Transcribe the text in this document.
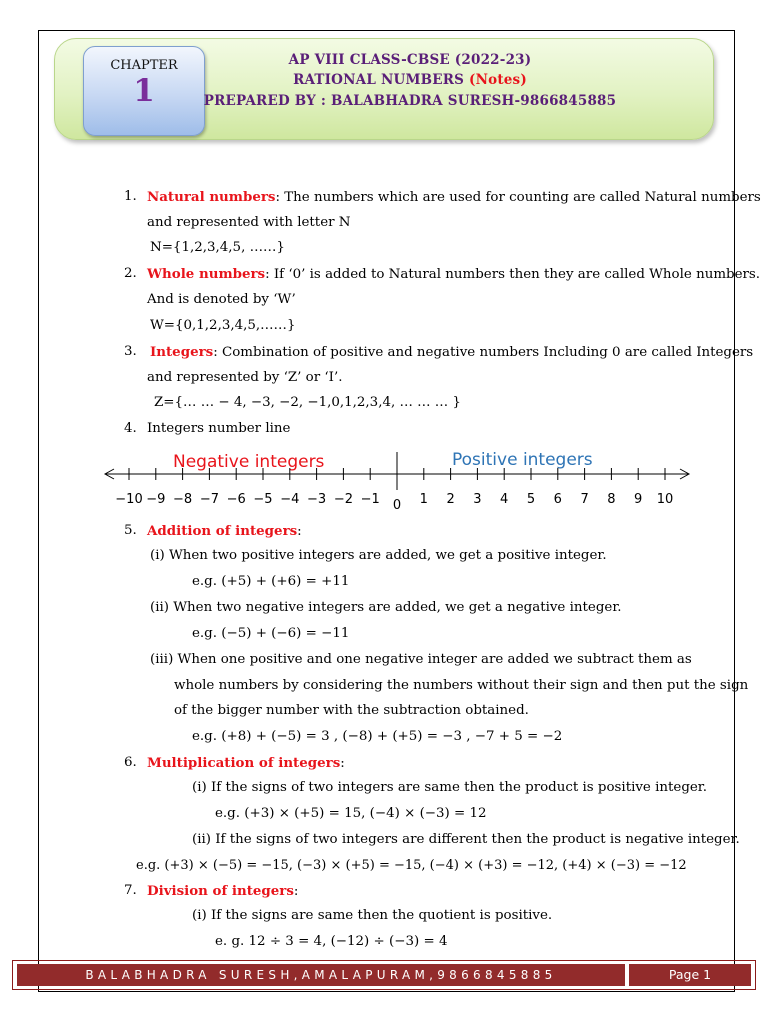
CHAPTER
1
AP VIII CLASS-CBSE (2022-23)
RATIONAL NUMBERS (Notes)
PREPARED BY : BALABHADRA SURESH-9866845885
1. Natural numbers: The numbers which are used for counting are called Natural numbers
and represented with letter N
N={1,2,3,4,5, ……}
2. Whole numbers: If ‘0’ is added to Natural numbers then they are called Whole numbers.
And is denoted by ‘W’
W={0,1,2,3,4,5,……}
3. Integers: Combination of positive and negative numbers Including 0 are called Integers
and represented by ‘Z’ or ‘I’.
Z={… … − 4, −3, −2, −1,0,1,2,3,4, … … … }
4. Integers number line
Negative integers	Positive integers
−10 −9 −8 −7 −6 −5 −4 −3 −2 −1	1 2 3 4 5 6 7 8 9 10
0
5. Addition of integers:
(i) When two positive integers are added, we get a positive integer.
e.g. (+5) + (+6) = +11
(ii) When two negative integers are added, we get a negative integer.
e.g. (−5) + (−6) = −11
(iii) When one positive and one negative integer are added we subtract them as
whole numbers by considering the numbers without their sign and then put the sign
of the bigger number with the subtraction obtained.
e.g. (+8) + (−5) = 3 , (−8) + (+5) = −3 , −7 + 5 = −2
6. Multiplication of integers:
(i) If the signs of two integers are same then the product is positive integer.
e.g. (+3) × (+5) = 15, (−4) × (−3) = 12
(ii) If the signs of two integers are different then the product is negative integer.
e.g. (+3) × (−5) = −15, (−3) × (+5) = −15, (−4) × (+3) = −12, (+4) × (−3) = −12
7. Division of integers:
(i) If the signs are same then the quotient is positive.
e. g. 12 ÷ 3 = 4, (−12) ÷ (−3) = 4
BALABHADRA SURESH,AMALAPURAM,9866845885	Page 1
